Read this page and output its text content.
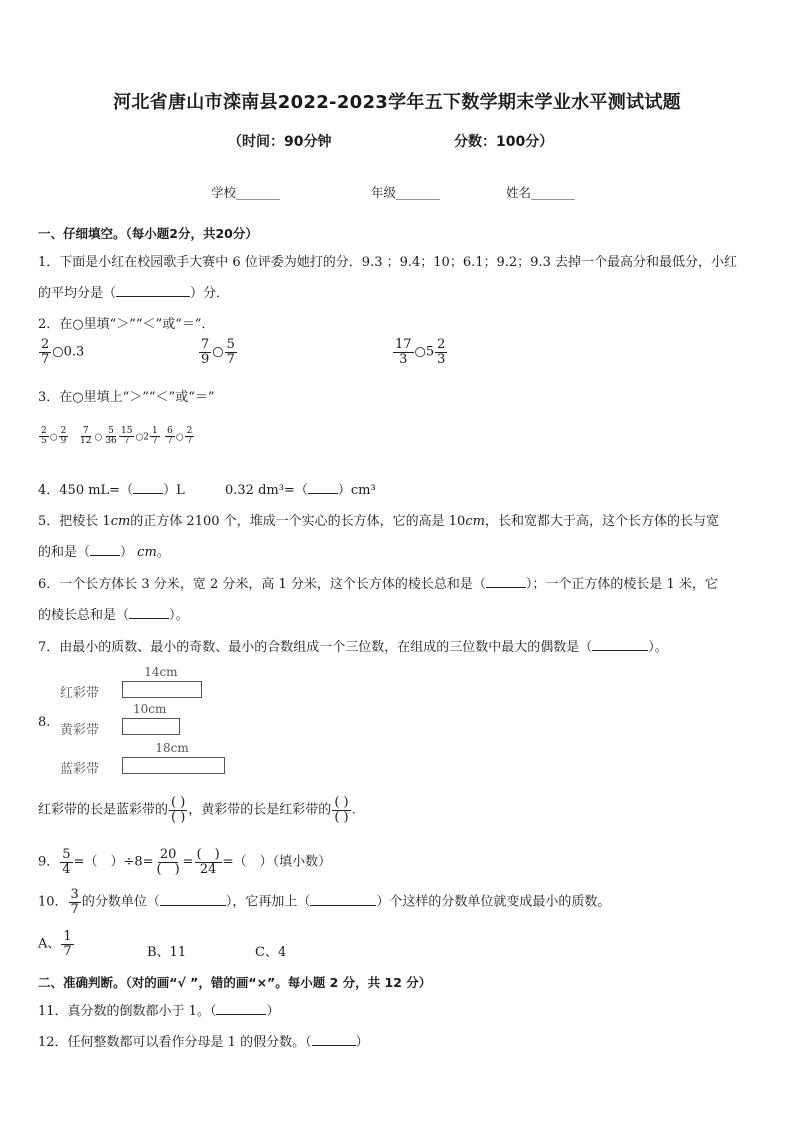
河北省唐山市滦南县2022-2023学年五下数学期末学业水平测试试题
（时间：90分钟	分数：100分）
学校_______	年级_______	姓名_______
一、仔细填空。（每小题2分，共20分）
1．下面是小红在校园歌手大赛中 6 位评委为她打的分．9.3 ；9.4；10；6.1；9.2；9.3 去掉一个最高分和最低分，小红
的平均分是（	）分．
2．在○里填“＞”“＜”或“＝”．
$\frac{2}{7}$ ○0.3	$\frac{7}{9}$ ○ $\frac{5}{7}$	$\frac{17}{3}$ ○5 $\frac{2}{3}$
3．在○里填上“＞”“＜”或“＝”
$\frac{2}{5}$ ○ $\frac{2}{9} \frac{7}{12}$ ○ $\frac{5}{36} \frac{15}{7}$ ○2 $\frac{1}{7} \frac{6}{7}$ ○ $\frac{2}{7}$
4．450 mL=（ ）L	0.32 dm³=（ ）cm³
5．把棱长 1cm的正方体 2100 个，堆成一个实心的长方体，它的高是 10cm，长和宽都大于高，这个长方体的长与宽
的和是（ ） cm。
6．一个长方体长 3 分米，宽 2 分米，高 1 分米，这个长方体的棱长总和是（	）；一个正方体的棱长是 1 米，它
的棱长总和是（	）。
7．由最小的质数、最小的奇数、最小的合数组成一个三位数，在组成的三位数中最大的偶数是（	）。
8.
14cm
红彩带
10cm
黄彩带
18cm
蓝彩带
红彩带的长是蓝彩带的 $\frac{( )}{( )}$ ，黄彩带的长是红彩带的 $\frac{( )}{( )}$ .
9． $\frac{5}{4}$ =（　）$\div 8= \frac{20}{( )} = \frac{( )}{24}$ =（　）（填小数）
10． $\frac{3}{7}$ 的分数单位（	），它再加上（	）个这样的分数单位就变成最小的质数。
A、 $\frac{1}{7}$	B、11	C、4
二、准确判断。（对的画“√ ”，错的画“×”。每小题 2 分，共 12 分）
11．真分数的倒数都小于 1。（	）
12．任何整数都可以看作分母是 1 的假分数。（	）
